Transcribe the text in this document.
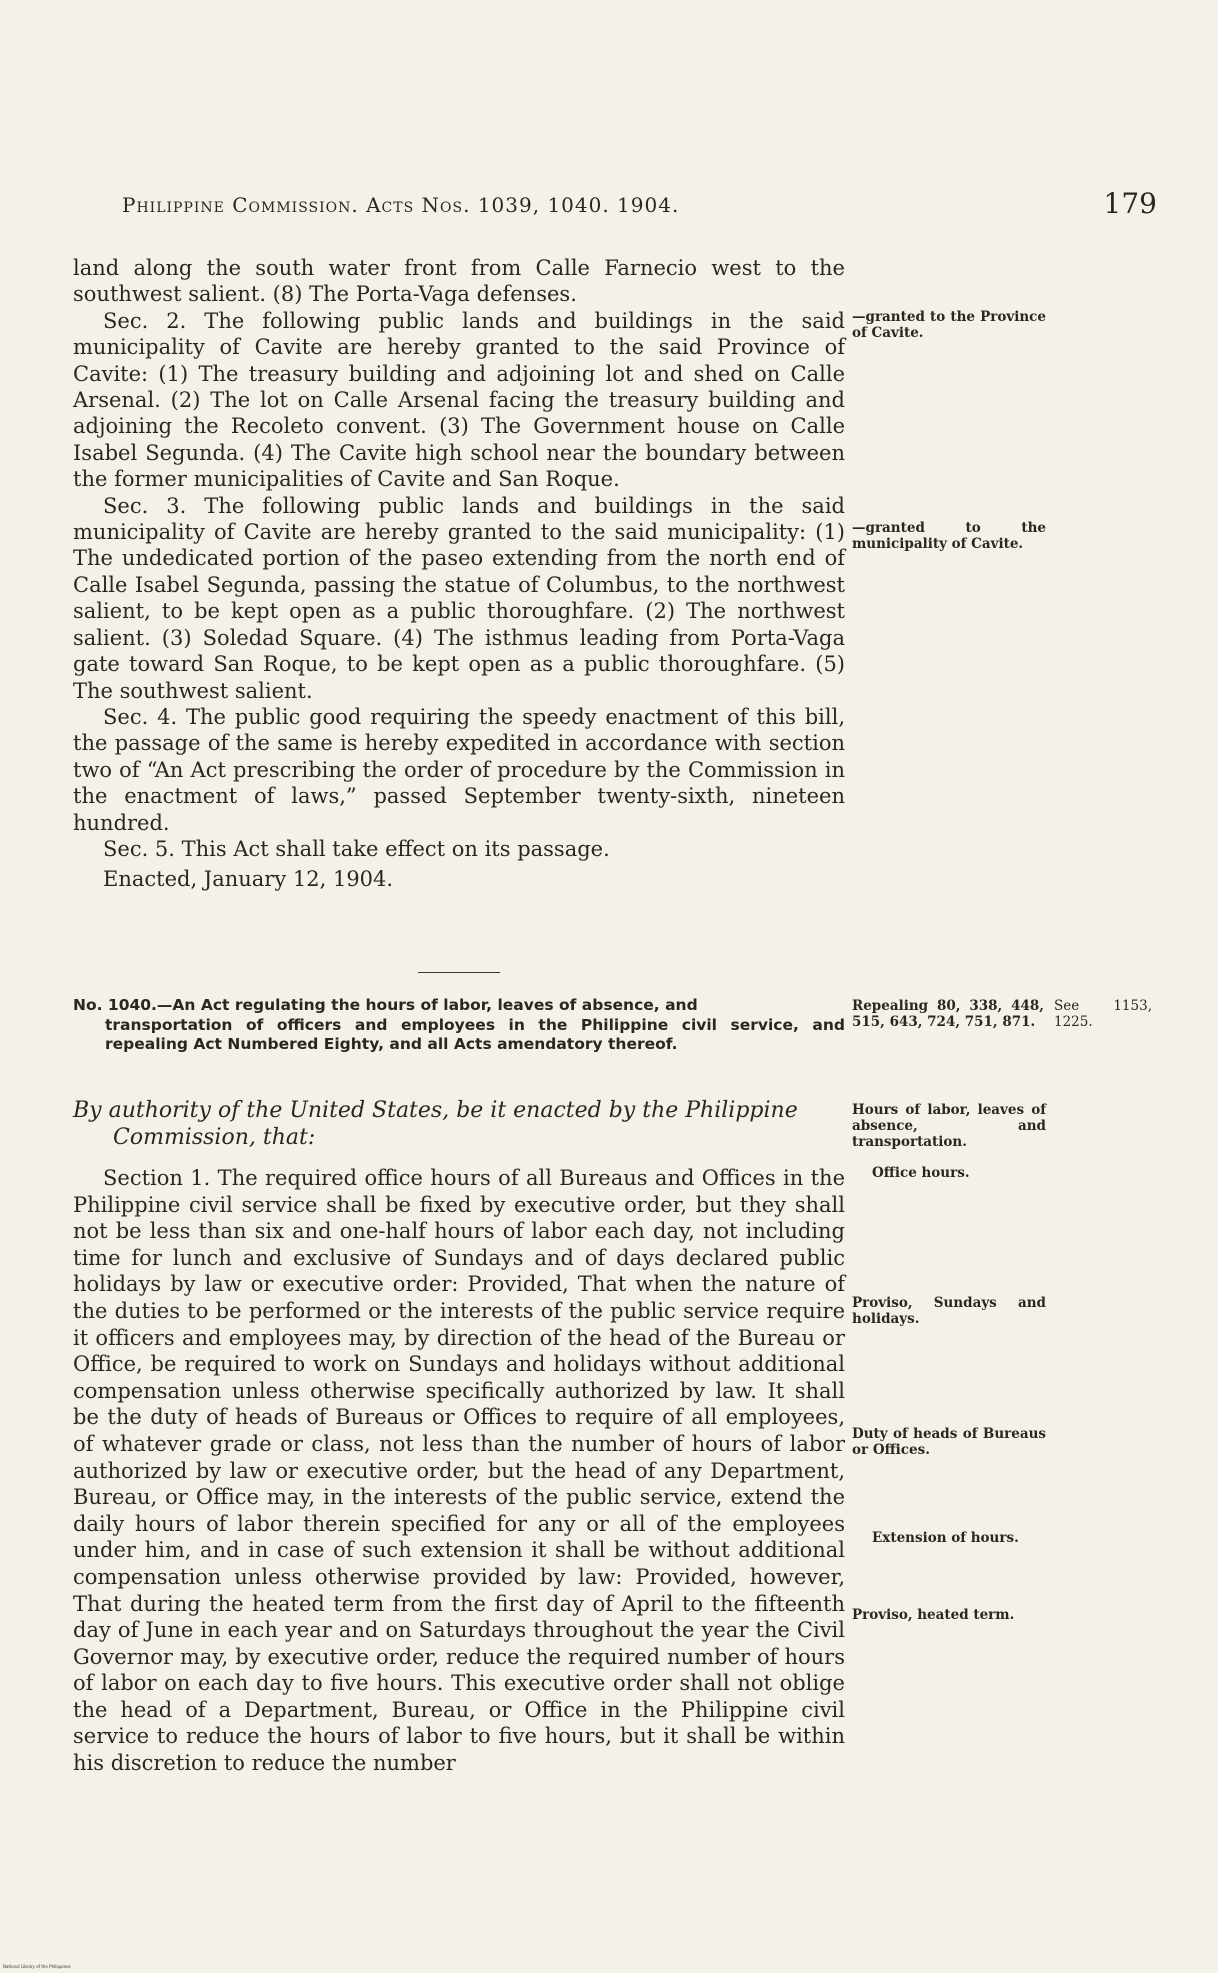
Philippine Commission. Acts Nos. 1039, 1040. 1904.	179

land along the south water front from Calle Farnecio west to the southwest salient. (8) The Porta-Vaga defenses.

Sec. 2. The following public lands and buildings in the said municipality of Cavite are hereby granted to the said Province of Cavite: (1) The treasury building and adjoining lot and shed on Calle Arsenal. (2) The lot on Calle Arsenal facing the treasury building and adjoining the Recoleto convent. (3) The Government house on Calle Isabel Segunda. (4) The Cavite high school near the boundary between the former municipalities of Cavite and San Roque.

Sec. 3. The following public lands and buildings in the said municipality of Cavite are hereby granted to the said municipality: (1) The undedicated portion of the paseo extending from the north end of Calle Isabel Segunda, passing the statue of Columbus, to the northwest salient, to be kept open as a public thoroughfare. (2) The northwest salient. (3) Soledad Square. (4) The isthmus leading from Porta-Vaga gate toward San Roque, to be kept open as a public thoroughfare. (5) The southwest salient.

Sec. 4. The public good requiring the speedy enactment of this bill, the passage of the same is hereby expedited in accordance with section two of “An Act prescribing the order of procedure by the Commission in the enactment of laws,” passed September twenty-sixth, nineteen hundred.

Sec. 5. This Act shall take effect on its passage.

Enacted, January 12, 1904.

—granted to the Province of Cavite.
—granted to the municipality of Cavite.
No. 1040.—An Act regulating the hours of labor, leaves of absence, and
transportation of officers and employees in the Philippine civil service, and repealing Act Numbered Eighty, and all Acts amendatory thereof.
Repealing 80, 338, 448, 515, 643, 724, 751, 871.
See 1153, 1225.
By authority of the United States, be it enacted by the Philippine
Commission, that:
Hours of labor, leaves of absence, and transportation.

Section 1. The required office hours of all Bureaus and Offices in the Philippine civil service shall be fixed by executive order, but they shall not be less than six and one-half hours of labor each day, not including time for lunch and exclusive of Sundays and of days declared public holidays by law or executive order: Provided, That when the nature of the duties to be performed or the interests of the public service require it officers and employees may, by direction of the head of the Bureau or Office, be required to work on Sundays and holidays without additional compensation unless otherwise specifically authorized by law. It shall be the duty of heads of Bureaus or Offices to require of all employees, of whatever grade or class, not less than the number of hours of labor authorized by law or executive order, but the head of any Department, Bureau, or Office may, in the interests of the public service, extend the daily hours of labor therein specified for any or all of the employees under him, and in case of such extension it shall be without additional compensation unless otherwise provided by law: Provided, however, That during the heated term from the first day of April to the fifteenth day of June in each year and on Saturdays throughout the year the Civil Governor may, by executive order, reduce the required number of hours of labor on each day to five hours. This executive order shall not oblige the head of a Department, Bureau, or Office in the Philippine civil service to reduce the hours of labor to five hours, but it shall be within his discretion to reduce the number

Office hours.
Proviso, Sundays and holidays.
Duty of heads of Bureaus or Offices.
Extension of hours.
Proviso, heated term.
National Library of the Philippines
